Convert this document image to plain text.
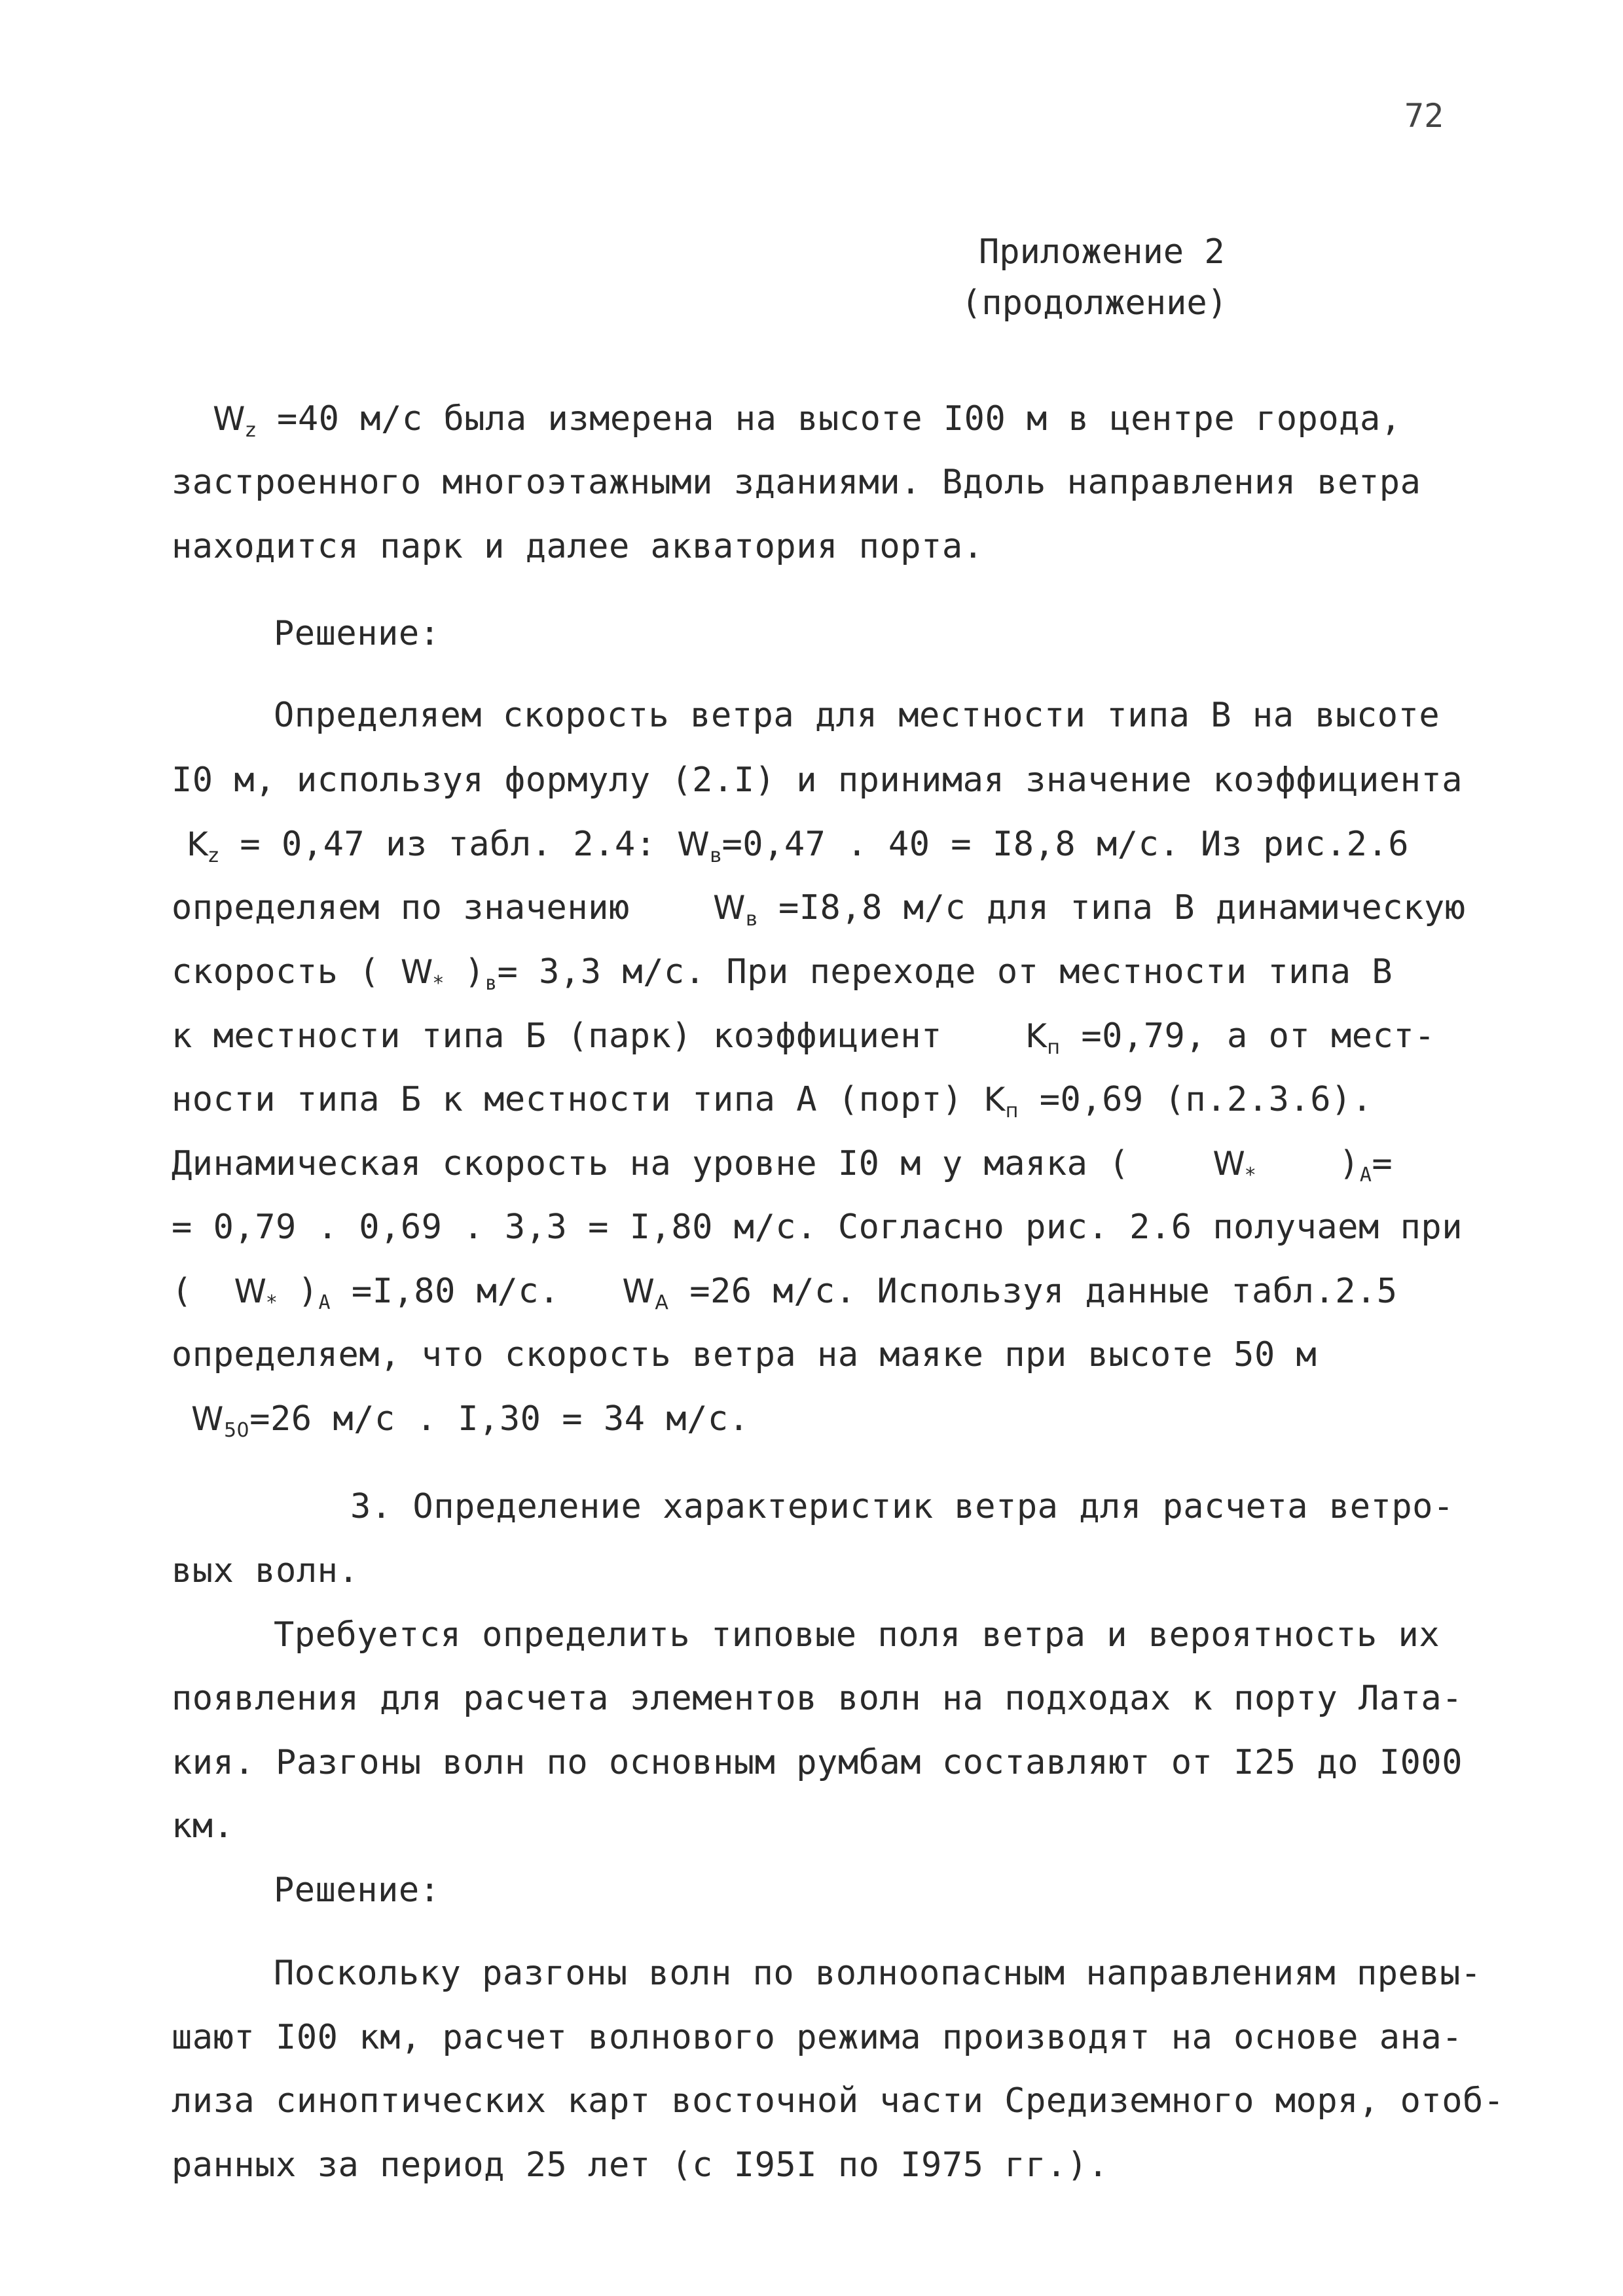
72
Приложение 2
(продолжение)
$W_z =40$ м/с была измерена на высоте I00 м в центре города,
застроенного многоэтажными зданиями. Вдоль направления ветра
находится парк и далее акватория порта.
Решение:
Определяем скорость ветра для местности типа В на высоте
I0 м, используя формулу (2.I) и принимая значение коэффициента
$K_z = 0,47$ из табл. 2.4: $W_в=0,47$ . 40 = I8,8 м/с. Из рис.2.6
определяем по значению    $W_в =I8,8$ м/с для типа В динамическую
скорость ( $W_*$ )$_в= 3,3$ м/с. При переходе от местности типа В
к местности типа Б (парк) коэффициент    $K_п =0,79$, а от мест-
ности типа Б к местности типа А (порт) $K_п =0,69$ (п.2.3.6).
Динамическая скорость на уровне I0 м у маяка (    $W_*$    )$_A=$
= 0,79 . 0,69 . 3,3 = I,80 м/с. Согласно рис. 2.6 получаем при
(  $W_*$ )$_A =I,80$ м/с.   $W_A =26$ м/с. Используя данные табл.2.5
определяем, что скорость ветра на маяке при высоте 50 м
$W_{50}=26$ м/с . I,30 = 34 м/с.
3. Определение характеристик ветра для расчета ветро-
вых волн.
Требуется определить типовые поля ветра и вероятность их
появления для расчета элементов волн на подходах к порту Лата-
кия. Разгоны волн по основным румбам составляют от I25 до I000
км.
Решение:
Поскольку разгоны волн по волноопасным направлениям превы-
шают I00 км, расчет волнового режима производят на основе ана-
лиза синоптических карт восточной части Средиземного моря, отоб-
ранных за период 25 лет (с I95I по I975 гг.).
